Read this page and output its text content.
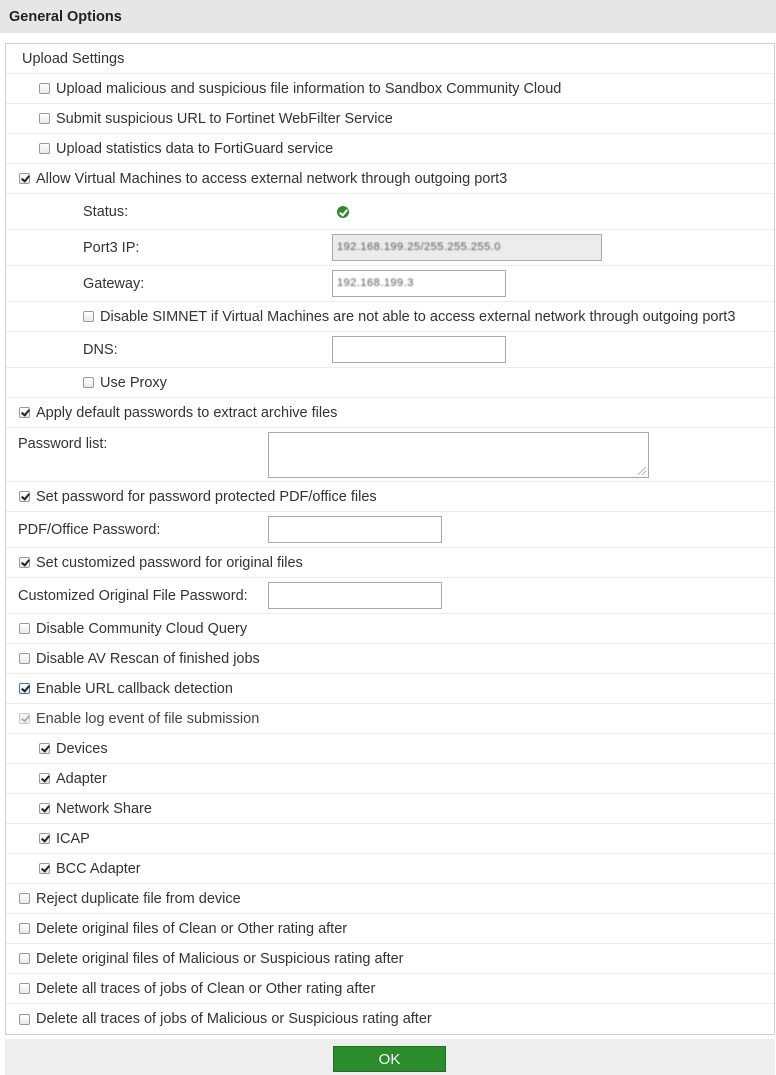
General Options
Upload Settings
Upload malicious and suspicious file information to Sandbox Community Cloud
Submit suspicious URL to Fortinet WebFilter Service
Upload statistics data to FortiGuard service
Allow Virtual Machines to access external network through outgoing port3
Status:
Port3 IP:	192.168.199.25/255.255.255.0
Gateway:	192.168.199.3
Disable SIMNET if Virtual Machines are not able to access external network through outgoing port3
DNS:
Use Proxy
Apply default passwords to extract archive files
Password list:
Set password for password protected PDF/office files
PDF/Office Password:
Set customized password for original files
Customized Original File Password:
Disable Community Cloud Query
Disable AV Rescan of finished jobs
Enable URL callback detection
Enable log event of file submission
Devices
Adapter
Network Share
ICAP
BCC Adapter
Reject duplicate file from device
Delete original files of Clean or Other rating after
Delete original files of Malicious or Suspicious rating after
Delete all traces of jobs of Clean or Other rating after
Delete all traces of jobs of Malicious or Suspicious rating after
OK
